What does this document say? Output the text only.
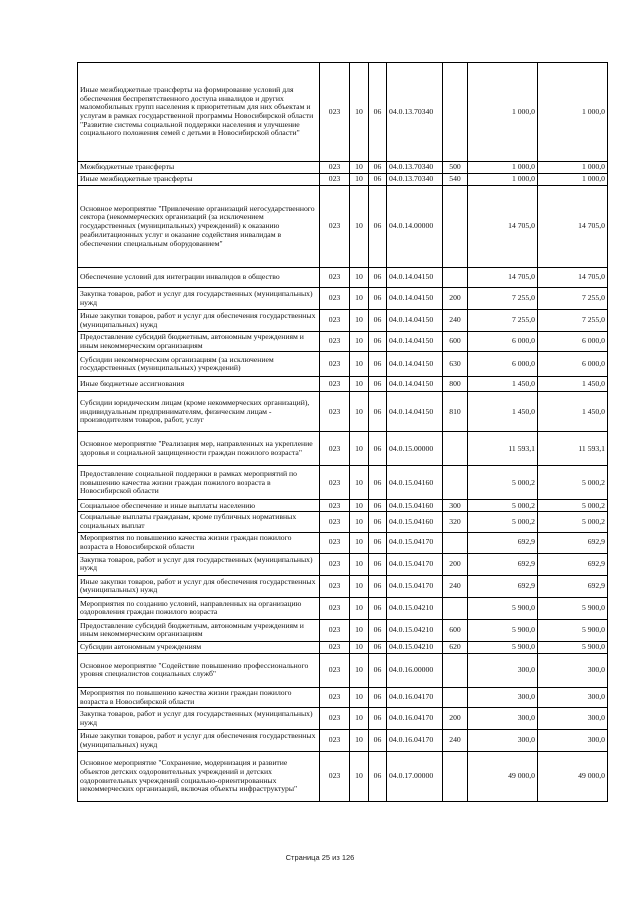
Иные межбюджетные трансферты на формирование условий для обеспечения беспрепятственного доступа инвалидов и других маломобильных групп населения к приоритетным для них объектам и услугам в рамках государственной программы Новосибирской области "Развитие системы социальной поддержки населения и улучшение социального положения семей с детьми в Новосибирской области"	023	10	06	04.0.13.70340		1 000,0	1 000,0
Межбюджетные трансферты	023	10	06	04.0.13.70340	500	1 000,0	1 000,0
Иные межбюджетные трансферты	023	10	06	04.0.13.70340	540	1 000,0	1 000,0
Основное мероприятие "Привлечение организаций негосударственного сектора (некоммерческих организаций (за исключением государственных (муниципальных) учреждений) к оказанию реабилитационных услуг и оказание содействия инвалидам в обеспечении специальным оборудованием"	023	10	06	04.0.14.00000		14 705,0	14 705,0
Обеспечение условий для интеграции инвалидов в общество	023	10	06	04.0.14.04150		14 705,0	14 705,0
Закупка товаров, работ и услуг для государственных (муниципальных) нужд	023	10	06	04.0.14.04150	200	7 255,0	7 255,0
Иные закупки товаров, работ и услуг для обеспечения государственных (муниципальных) нужд	023	10	06	04.0.14.04150	240	7 255,0	7 255,0
Предоставление субсидий бюджетным, автономным учреждениям и иным некоммерческим организациям	023	10	06	04.0.14.04150	600	6 000,0	6 000,0
Субсидии некоммерческим организациям (за исключением государственных (муниципальных) учреждений)	023	10	06	04.0.14.04150	630	6 000,0	6 000,0
Иные бюджетные ассигнования	023	10	06	04.0.14.04150	800	1 450,0	1 450,0
Субсидии юридическим лицам (кроме некоммерческих организаций), индивидуальным предпринимателям, физическим лицам - производителям товаров, работ, услуг	023	10	06	04.0.14.04150	810	1 450,0	1 450,0
Основное мероприятие "Реализация мер, направленных на укрепление здоровья и социальной защищенности граждан пожилого возраста"	023	10	06	04.0.15.00000		11 593,1	11 593,1
Предоставление социальной поддержки в рамках мероприятий по повышению качества жизни граждан пожилого возраста в Новосибирской области	023	10	06	04.0.15.04160		5 000,2	5 000,2
Социальное обеспечение и иные выплаты населению	023	10	06	04.0.15.04160	300	5 000,2	5 000,2
Социальные выплаты гражданам, кроме публичных нормативных социальных выплат	023	10	06	04.0.15.04160	320	5 000,2	5 000,2
Мероприятия по повышению качества жизни граждан пожилого возраста в Новосибирской области	023	10	06	04.0.15.04170		692,9	692,9
Закупка товаров, работ и услуг для государственных (муниципальных) нужд	023	10	06	04.0.15.04170	200	692,9	692,9
Иные закупки товаров, работ и услуг для обеспечения государственных (муниципальных) нужд	023	10	06	04.0.15.04170	240	692,9	692,9
Мероприятия по созданию условий, направленных на организацию оздоровления граждан пожилого возраста	023	10	06	04.0.15.04210		5 900,0	5 900,0
Предоставление субсидий бюджетным, автономным учреждениям и иным некоммерческим организациям	023	10	06	04.0.15.04210	600	5 900,0	5 900,0
Субсидии автономным учреждениям	023	10	06	04.0.15.04210	620	5 900,0	5 900,0
Основное мероприятие "Содействие повышению профессионального уровня специалистов социальных служб"	023	10	06	04.0.16.00000		300,0	300,0
Мероприятия по повышению качества жизни граждан пожилого возраста в Новосибирской области	023	10	06	04.0.16.04170		300,0	300,0
Закупка товаров, работ и услуг для государственных (муниципальных) нужд	023	10	06	04.0.16.04170	200	300,0	300,0
Иные закупки товаров, работ и услуг для обеспечения государственных (муниципальных) нужд	023	10	06	04.0.16.04170	240	300,0	300,0
Основное мероприятие "Сохранение, модернизация и развитие объектов детских оздоровительных учреждений и детских оздоровительных учреждений социально-ориентированных некоммерческих организаций, включая объекты инфраструктуры"	023	10	06	04.0.17.00000		49 000,0	49 000,0
Страница 25 из 126
